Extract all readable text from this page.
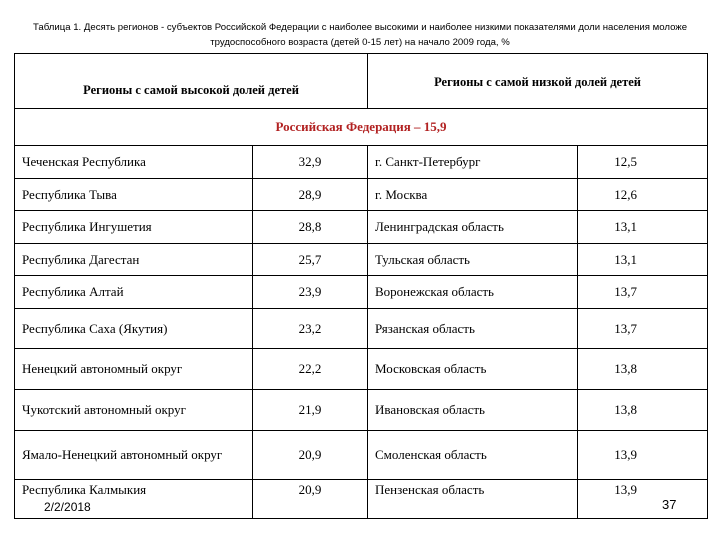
Таблица 1. Десять регионов - субъектов Российской Федерации с наиболее высокими и наиболее низкими показателями доли населения моложе трудоспособного возраста (детей 0-15 лет) на начало 2009 года, %
Регионы с самой высокой долей детей		Регионы с самой низкой долей детей	
Российская Федерация – 15,9			
Чеченская Республика	32,9	г. Санкт-Петербург	12,5
Республика Тыва	28,9	г. Москва	12,6
Республика Ингушетия	28,8	Ленинградская область	13,1
Республика Дагестан	25,7	Тульская область	13,1
Республика Алтай	23,9	Воронежская область	13,7
Республика Саха (Якутия)	23,2	Рязанская область	13,7
Ненецкий автономный округ	22,2	Московская область	13,8
Чукотский автономный округ	21,9	Ивановская область	13,8
Ямало-Ненецкий автономный округ	20,9	Смоленская область	13,9
Республика Калмыкия	20,9	Пензенская область	13,9
2/2/2018	37
